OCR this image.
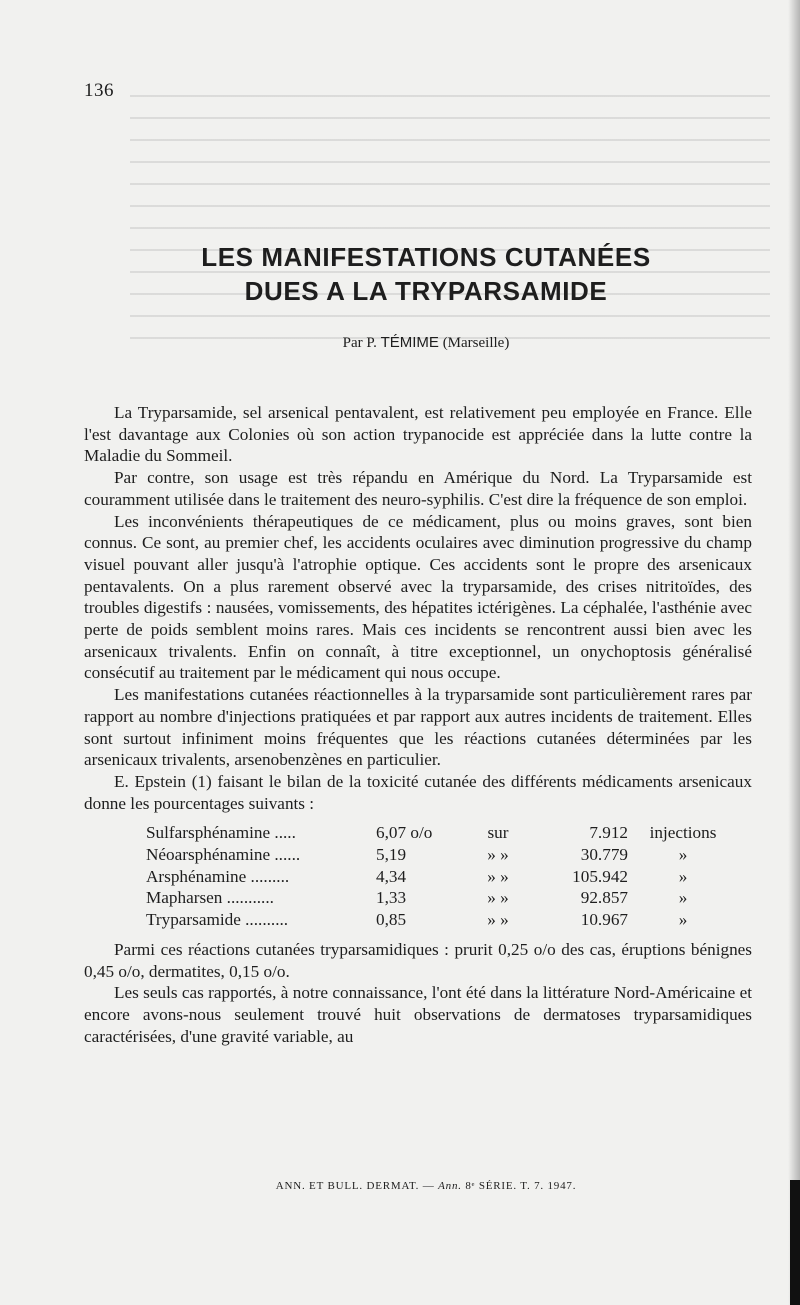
136

LES MANIFESTATIONS CUTANÉES

DUES A LA TRYPARSAMIDE

Par P. TÉMIME (Marseille)

La Tryparsamide, sel arsenical pentavalent, est relativement peu employée en France. Elle l'est davantage aux Colonies où son action trypanocide est appréciée dans la lutte contre la Maladie du Sommeil.

Par contre, son usage est très répandu en Amérique du Nord. La Tryparsamide est couramment utilisée dans le traitement des neuro-syphilis. C'est dire la fréquence de son emploi.

Les inconvénients thérapeutiques de ce médicament, plus ou moins graves, sont bien connus. Ce sont, au premier chef, les accidents oculaires avec diminution progressive du champ visuel pouvant aller jusqu'à l'atrophie optique. Ces accidents sont le propre des arsenicaux pentavalents. On a plus rarement observé avec la tryparsamide, des crises nitritoïdes, des troubles digestifs : nausées, vomissements, des hépatites ictérigènes. La céphalée, l'asthénie avec perte de poids semblent moins rares. Mais ces incidents se rencontrent aussi bien avec les arsenicaux trivalents. Enfin on connaît, à titre exceptionnel, un onychoptosis généralisé consécutif au traitement par le médicament qui nous occupe.

Les manifestations cutanées réactionnelles à la tryparsamide sont particulièrement rares par rapport au nombre d'injections pratiquées et par rapport aux autres incidents de traitement. Elles sont surtout infiniment moins fréquentes que les réactions cutanées déterminées par les arsenicaux trivalents, arsenobenzènes en particulier.

E. Epstein (1) faisant le bilan de la toxicité cutanée des différents médicaments arsenicaux donne les pourcentages suivants :

Sulfarsphénamine .....	6,07 o/o	sur	7.912	injections
Néoarsphénamine ......	5,19	» »	30.779	»
Arsphénamine .........	4,34	» »	105.942	»
Mapharsen ...........	1,33	» »	92.857	»
Tryparsamide ..........	0,85	» »	10.967	»

Parmi ces réactions cutanées tryparsamidiques : prurit 0,25 o/o des cas, éruptions bénignes 0,45 o/o, dermatites, 0,15 o/o.

Les seuls cas rapportés, à notre connaissance, l'ont été dans la littérature Nord-Américaine et encore avons-nous seulement trouvé huit observations de dermatoses tryparsamidiques caractérisées, d'une gravité variable, au

ANN. ET BULL. DERMAT. — Ann. 8ᵉ SÉRIE. T. 7. 1947.
